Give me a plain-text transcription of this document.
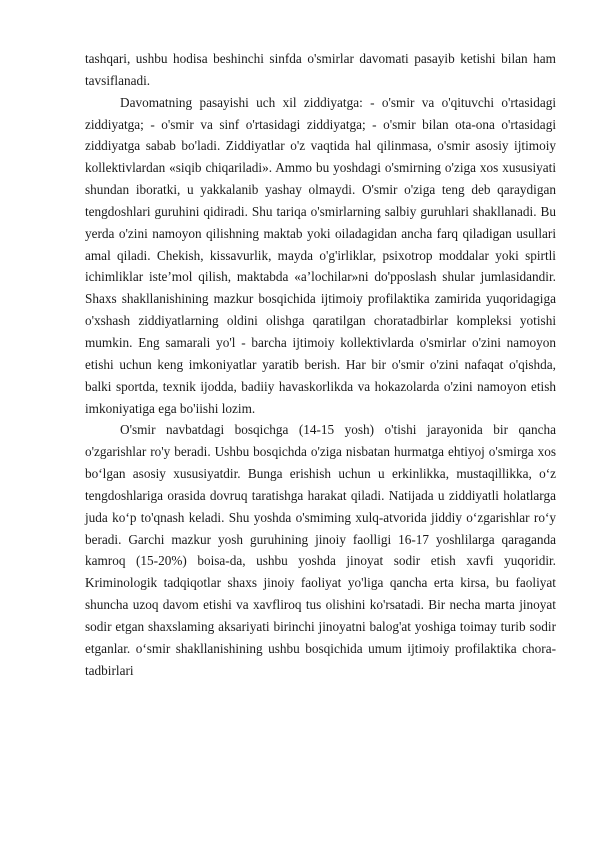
tashqari, ushbu hodisa beshinchi sinfda o'smirlar davomati pasayib ketishi bilan ham tavsiflanadi.

Davomatning pasayishi uch xil ziddiyatga: - o'smir va o'qituvchi o'rtasidagi ziddiyatga; - o'smir va sinf o'rtasidagi ziddiyatga; - o'smir bilan ota-ona o'rtasidagi ziddiyatga sabab bo'ladi. Ziddiyatlar o'z vaqtida hal qilinmasa, o'smir asosiy ijtimoiy kollektivlardan «siqib chiqariladi». Ammo bu yoshdagi o'smirning o'ziga xos xususiyati shundan iboratki, u yakkalanib yashay olmaydi. O'smir o'ziga teng deb qaraydigan tengdoshlari guruhini qidiradi. Shu tariqa o'smirlarning salbiy guruhlari shakllanadi. Bu yerda o'zini namoyon qilishning maktab yoki oiladagidan ancha farq qiladigan usullari amal qiladi. Chekish, kissavurlik, mayda o'g'irliklar, psixotrop moddalar yoki spirtli ichimliklar iste’mol qilish, maktabda «a’lochilar»ni do'pposlash shular jumlasidandir. Shaxs shakllanishining mazkur bosqichida ijtimoiy profilaktika zamirida yuqoridagiga o'xshash ziddiyatlarning oldini olishga qaratilgan choratadbirlar kompleksi yotishi mumkin. Eng samarali yo'l - barcha ijtimoiy kollektivlarda o'smirlar o'zini namoyon etishi uchun keng imkoniyatlar yaratib berish. Har bir o'smir o'zini nafaqat o'qishda, balki sportda, texnik ijodda, badiiy havaskorlikda va hokazolarda o'zini namoyon etish imkoniyatiga ega bo'iishi lozim.

O'smir navbatdagi bosqichga (14-15 yosh) o'tishi jarayonida bir qancha o'zgarishlar ro'y beradi. Ushbu bosqichda o'ziga nisbatan hurmatga ehtiyoj o'smirga xos bo‘lgan asosiy xususiyatdir. Bunga erishish uchun u erkinlikka, mustaqillikka, o‘z tengdoshlariga orasida dovruq taratishga harakat qiladi. Natijada u ziddiyatli holatlarga juda ko‘p to'qnash keladi. Shu yoshda o'smiming xulq-atvorida jiddiy o‘zgarishlar ro‘y beradi. Garchi mazkur yosh guruhining jinoiy faolligi 16-17 yoshlilarga qaraganda kamroq (15-20%) boisa-da, ushbu yoshda jinoyat sodir etish xavfi yuqoridir. Kriminologik tadqiqotlar shaxs jinoiy faoliyat yo'liga qancha erta kirsa, bu faoliyat shuncha uzoq davom etishi va xavfliroq tus olishini ko'rsatadi. Bir necha marta jinoyat sodir etgan shaxslaming aksariyati birinchi jinoyatni balog'at yoshiga toimay turib sodir etganlar. o‘smir shakllanishining ushbu bosqichida umum ijtimoiy profilaktika chora-tadbirlari
